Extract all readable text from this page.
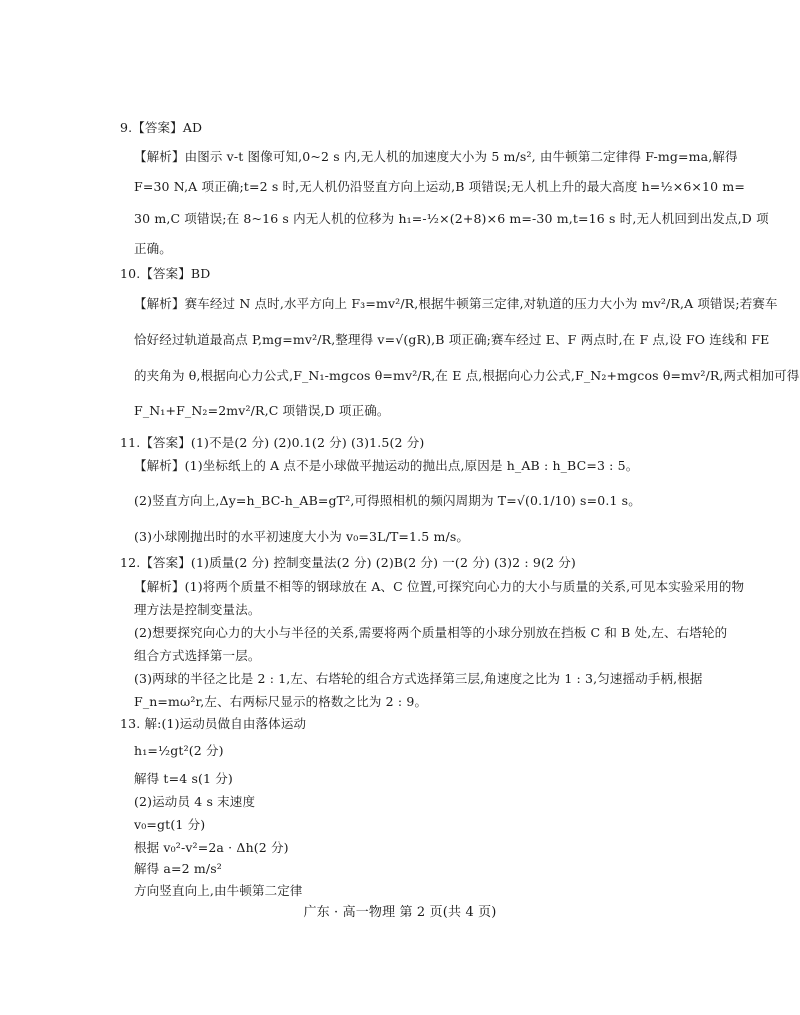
9.【答案】AD
【解析】由图示 v-t 图像可知,0~2 s 内,无人机的加速度大小为 5 m/s², 由牛顿第二定律得 F-mg=ma,解得
F=30 N,A 项正确;t=2 s 时,无人机仍沿竖直方向上运动,B 项错误;无人机上升的最大高度 h=½×6×10 m=
30 m,C 项错误;在 8~16 s 内无人机的位移为 h₁=-½×(2+8)×6 m=-30 m,t=16 s 时,无人机回到出发点,D 项
正确。
10.【答案】BD
【解析】赛车经过 N 点时,水平方向上 F₃=mv²/R,根据牛顿第三定律,对轨道的压力大小为 mv²/R,A 项错误;若赛车
恰好经过轨道最高点 P,mg=mv²/R,整理得 v=√(gR),B 项正确;赛车经过 E、F 两点时,在 F 点,设 FO 连线和 FE
的夹角为 θ,根据向心力公式,F_N₁-mgcos θ=mv²/R,在 E 点,根据向心力公式,F_N₂+mgcos θ=mv²/R,两式相加可得
F_N₁+F_N₂=2mv²/R,C 项错误,D 项正确。
11.【答案】(1)不是(2 分) (2)0.1(2 分) (3)1.5(2 分)
【解析】(1)坐标纸上的 A 点不是小球做平抛运动的抛出点,原因是 h_AB : h_BC=3 : 5。
(2)竖直方向上,Δy=h_BC-h_AB=gT²,可得照相机的频闪周期为 T=√(0.1/10) s=0.1 s。
(3)小球刚抛出时的水平初速度大小为 v₀=3L/T=1.5 m/s。
12.【答案】(1)质量(2 分) 控制变量法(2 分) (2)B(2 分) 一(2 分) (3)2 : 9(2 分)
【解析】(1)将两个质量不相等的钢球放在 A、C 位置,可探究向心力的大小与质量的关系,可见本实验采用的物
理方法是控制变量法。
(2)想要探究向心力的大小与半径的关系,需要将两个质量相等的小球分别放在挡板 C 和 B 处,左、右塔轮的
组合方式选择第一层。
(3)两球的半径之比是 2 : 1,左、右塔轮的组合方式选择第三层,角速度之比为 1 : 3,匀速摇动手柄,根据
F_n=mω²r,左、右两标尺显示的格数之比为 2 : 9。
13. 解:(1)运动员做自由落体运动
h₁=½gt²(2 分)
解得 t=4 s(1 分)
(2)运动员 4 s 末速度
v₀=gt(1 分)
根据 v₀²-v²=2a · Δh(2 分)
解得 a=2 m/s²
方向竖直向上,由牛顿第二定律
广东 · 高一物理 第 2 页(共 4 页)
